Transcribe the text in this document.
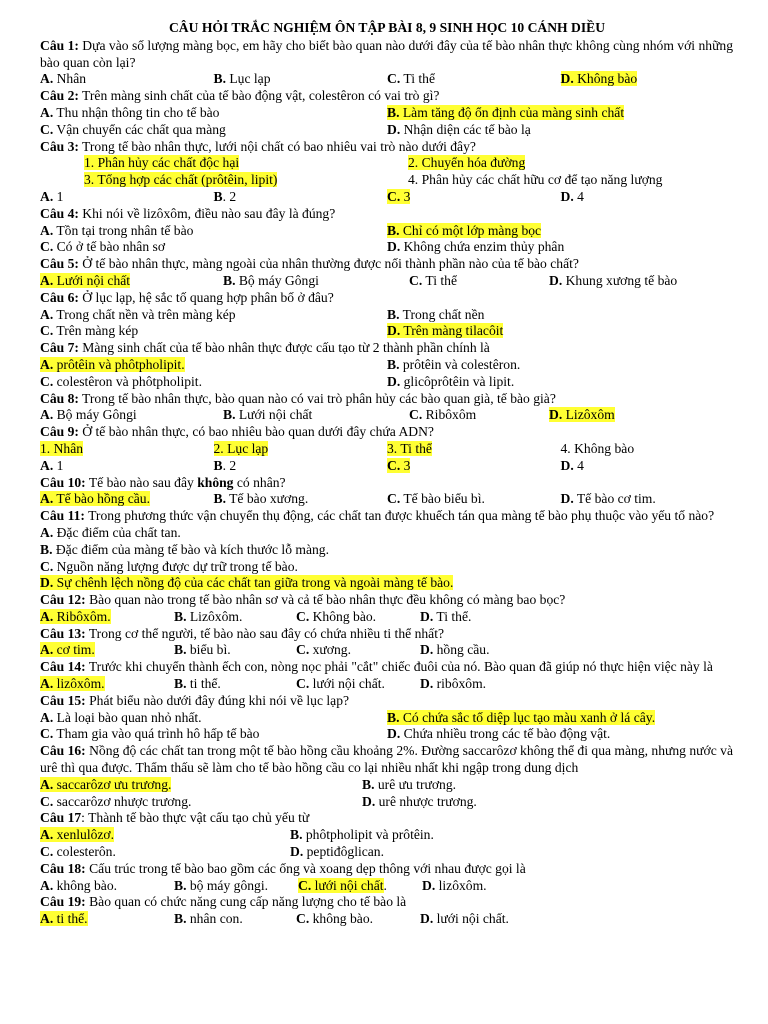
CÂU HỎI TRẮC NGHIỆM ÔN TẬP BÀI 8, 9 SINH HỌC 10 CÁNH DIỀU
Câu 1: Dựa vào số lượng màng bọc, em hãy cho biết bào quan nào dưới đây của tế bào nhân thực không cùng nhóm với những bào quan còn lại?
A. Nhân	B. Lục lạp	C. Ti thể	D. Không bào
Câu 2: Trên màng sinh chất của tế bào động vật, colestêron có vai trò gì?
A. Thu nhận thông tin cho tế bào	B. Làm tăng độ ổn định của màng sinh chất
C. Vận chuyển các chất qua màng	D. Nhận diện các tế bào lạ
Câu 3: Trong tế bào nhân thực, lưới nội chất có bao nhiêu vai trò nào dưới đây?
1. Phân hủy các chất độc hại	2. Chuyển hóa đường
3. Tổng hợp các chất (prôtêin, lipit)	4. Phân hủy các chất hữu cơ để tạo năng lượng
A. 1	B. 2	C. 3	D. 4
Câu 4: Khi nói về lizôxôm, điều nào sau đây là đúng?
A. Tồn tại trong nhân tế bào	B. Chỉ có một lớp màng bọc
C. Có ở tế bào nhân sơ	D. Không chứa enzim thủy phân
Câu 5: Ở tế bào nhân thực, màng ngoài của nhân thường được nối thành phần nào của tế bào chất?
A. Lưới nội chất	B. Bộ máy Gôngi	C. Ti thể	D. Khung xương tế bào
Câu 6: Ở lục lạp, hệ sắc tố quang hợp phân bố ở đâu?
A. Trong chất nền và trên màng kép	B. Trong chất nền
C. Trên màng kép	D. Trên màng tilacôit
Câu 7: Màng sinh chất của tế bào nhân thực được cấu tạo từ 2 thành phần chính là
A. prôtêin và phôtpholipit.	B. prôtêin và colestêron.
C. colestêron và phôtpholipit.	D. glicôprôtêin và lipit.
Câu 8: Trong tế bào nhân thực, bào quan nào có vai trò phân hủy các bào quan già, tế bào già?
A. Bộ máy Gôngi	B. Lưới nội chất	C. Ribôxôm	D. Lizôxôm
Câu 9: Ở tế bào nhân thực, có bao nhiêu bào quan dưới đây chứa ADN?
1. Nhân	2. Lục lạp	3. Ti thể	4. Không bào
A. 1	B. 2	C. 3	D. 4
Câu 10: Tế bào nào sau đây không có nhân?
A. Tế bào hồng cầu.	B. Tế bào xương.	C. Tế bào biểu bì.	D. Tế bào cơ tim.
Câu 11: Trong phương thức vận chuyển thụ động, các chất tan được khuếch tán qua màng tế bào phụ thuộc vào yếu tố nào?
A. Đặc điểm của chất tan.
B. Đặc điểm của màng tế bào và kích thước lỗ màng.
C. Nguồn năng lượng được dự trữ trong tế bào.
D. Sự chênh lệch nồng độ của các chất tan giữa trong và ngoài màng tế bào.
Câu 12: Bào quan nào trong tế bào nhân sơ và cả tế bào nhân thực đều không có màng bao bọc?
A. Ribôxôm.	B. Lizôxôm.	C. Không bào.	D. Ti thể.
Câu 13: Trong cơ thể người, tế bào nào sau đây có chứa nhiều ti thể nhất?
A. cơ tim.	B. biểu bì.	C. xương.	D. hồng cầu.
Câu 14: Trước khi chuyển thành ếch con, nòng nọc phải "cắt" chiếc đuôi của nó. Bào quan đã giúp nó thực hiện việc này là
A. lizôxôm.	B. ti thể.	C. lưới nội chất.	D. ribôxôm.
Câu 15: Phát biểu nào dưới đây đúng khi nói về lục lạp?
A. Là loại bào quan nhỏ nhất.	B. Có chứa sắc tố diệp lục tạo màu xanh ở lá cây.
C. Tham gia vào quá trình hô hấp tế bào	D. Chứa nhiều trong các tế bào động vật.
Câu 16: Nồng độ các chất tan trong một tế bào hồng cầu khoảng 2%. Đường saccarôzơ không thể đi qua màng, nhưng nước và urê thì qua được. Thẩm thấu sẽ làm cho tế bào hồng cầu co lại nhiều nhất khi ngập trong dung dịch
A. saccarôzơ ưu trương.	B. urê ưu trương.
C. saccarôzơ nhược trương.	D. urê nhược trương.
Câu 17: Thành tế bào thực vật cấu tạo chủ yếu từ
A. xenlulôzơ.	B. phôtpholipit và prôtêin.
C. colesterôn.	D. peptiđôglican.
Câu 18: Cấu trúc trong tế bào bao gồm các ống và xoang dẹp thông với nhau được gọi là
A. không bào.	B. bộ máy gôngi.	C. lưới nội chất.	D. lizôxôm.
Câu 19: Bào quan có chức năng cung cấp năng lượng cho tế bào là
A. ti thể.	B. nhân con.	C. không bào.	D. lưới nội chất.
